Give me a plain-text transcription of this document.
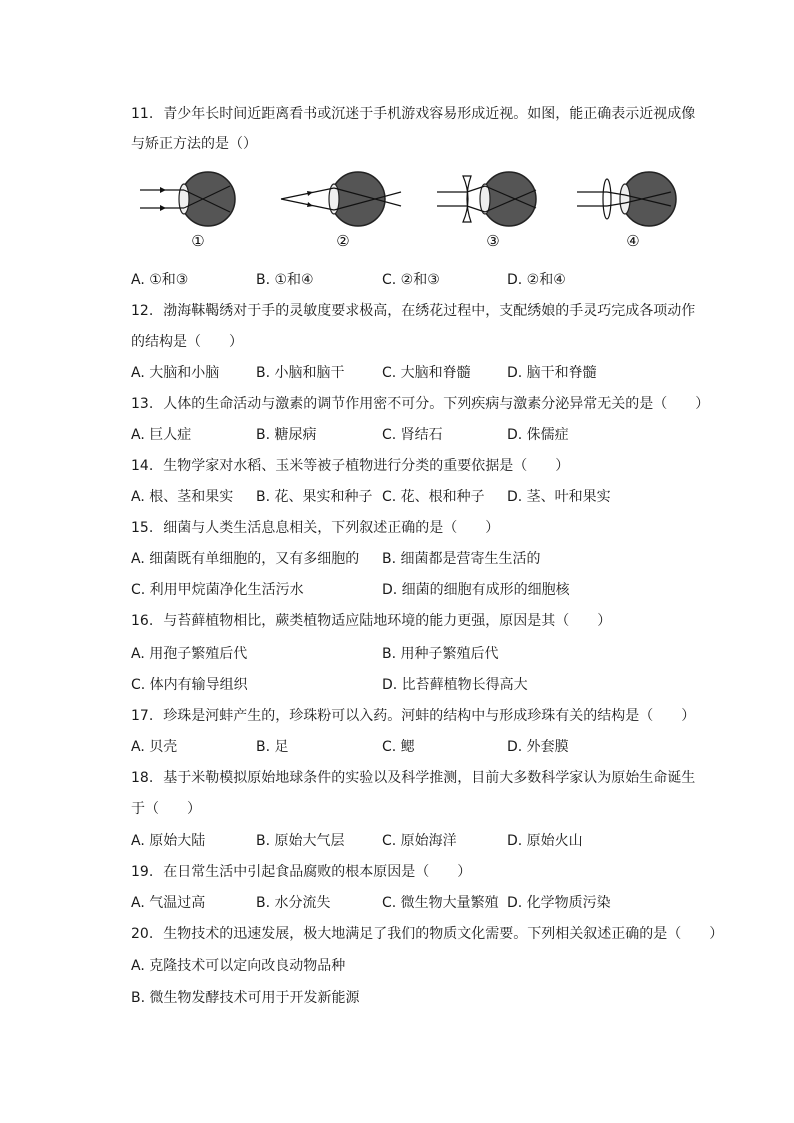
11. 青少年长时间近距离看书或沉迷于手机游戏容易形成近视。如图，能正确表示近视成像
与矫正方法的是（）
①	②	③	④
A. ①和③	B. ①和④	C. ②和③	D. ②和④
12. 渤海靺鞨绣对于手的灵敏度要求极高，在绣花过程中，支配绣娘的手灵巧完成各项动作
的结构是（　　）
A. 大脑和小脑	B. 小脑和脑干	C. 大脑和脊髓	D. 脑干和脊髓
13. 人体的生命活动与激素的调节作用密不可分。下列疾病与激素分泌异常无关的是（　　）
A. 巨人症	B. 糖尿病	C. 肾结石	D. 侏儒症
14. 生物学家对水稻、玉米等被子植物进行分类的重要依据是（　　）
A. 根、茎和果实 B. 花、果实和种子 C. 花、根和种子 D. 茎、叶和果实
15. 细菌与人类生活息息相关，下列叙述正确的是（　　）
A. 细菌既有单细胞的，又有多细胞的 B. 细菌都是营寄生生活的
C. 利用甲烷菌净化生活污水	D. 细菌的细胞有成形的细胞核
16. 与苔藓植物相比，蕨类植物适应陆地环境的能力更强，原因是其（　　）
A. 用孢子繁殖后代	B. 用种子繁殖后代
C. 体内有输导组织	D. 比苔藓植物长得高大
17. 珍珠是河蚌产生的，珍珠粉可以入药。河蚌的结构中与形成珍珠有关的结构是（　　）
A. 贝壳	B. 足	C. 鳃	D. 外套膜
18. 基于米勒模拟原始地球条件的实验以及科学推测，目前大多数科学家认为原始生命诞生
于（　　）
A. 原始大陆	B. 原始大气层	C. 原始海洋	D. 原始火山
19. 在日常生活中引起食品腐败的根本原因是（　　）
A. 气温过高	B. 水分流失	C. 微生物大量繁殖 D. 化学物质污染
20. 生物技术的迅速发展，极大地满足了我们的物质文化需要。下列相关叙述正确的是（　　）
A. 克隆技术可以定向改良动物品种
B. 微生物发酵技术可用于开发新能源
